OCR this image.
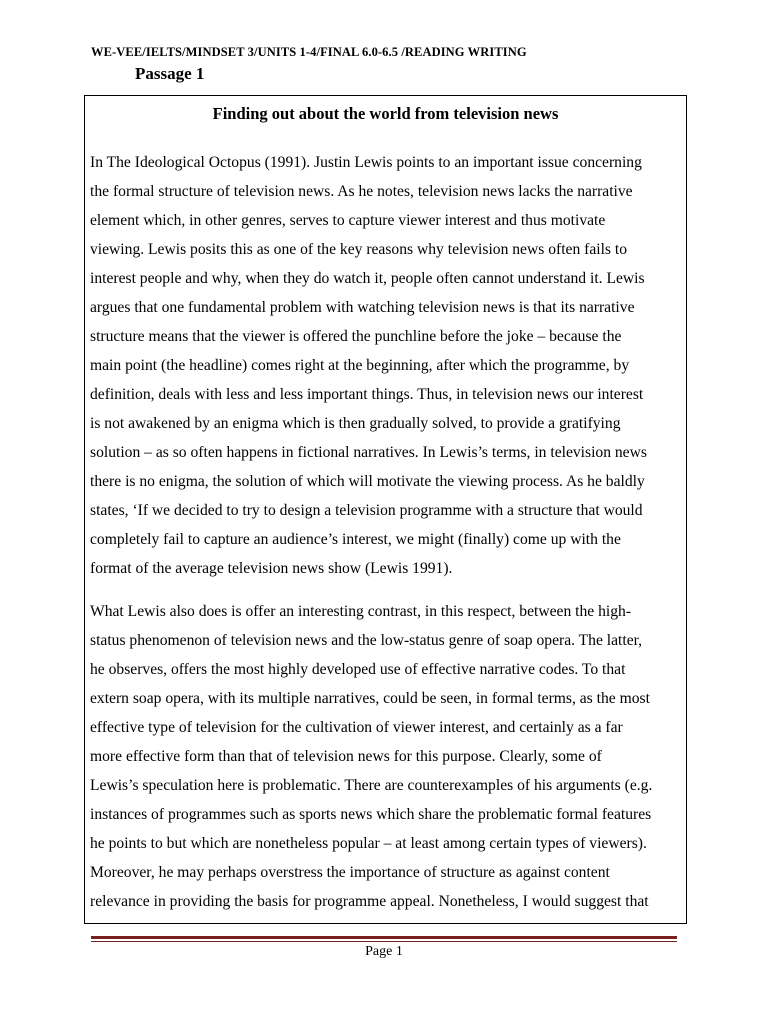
WE-VEE/IELTS/MINDSET 3/UNITS 1-4/FINAL 6.0-6.5 /READING WRITING
Passage 1
Finding out about the world from television news

In The Ideological Octopus (1991). Justin Lewis points to an important issue concerning
the formal structure of television news. As he notes, television news lacks the narrative
element which, in other genres, serves to capture viewer interest and thus motivate
viewing. Lewis posits this as one of the key reasons why television news often fails to
interest people and why, when they do watch it, people often cannot understand it. Lewis
argues that one fundamental problem with watching television news is that its narrative
structure means that the viewer is offered the punchline before the joke – because the
main point (the headline) comes right at the beginning, after which the programme, by
definition, deals with less and less important things. Thus, in television news our interest
is not awakened by an enigma which is then gradually solved, to provide a gratifying
solution – as so often happens in fictional narratives. In Lewis’s terms, in television news
there is no enigma, the solution of which will motivate the viewing process. As he baldly
states, ‘If we decided to try to design a television programme with a structure that would
completely fail to capture an audience’s interest, we might (finally) come up with the
format of the average television news show (Lewis 1991).

What Lewis also does is offer an interesting contrast, in this respect, between the high-
status phenomenon of television news and the low-status genre of soap opera. The latter,
he observes, offers the most highly developed use of effective narrative codes. To that
extern soap opera, with its multiple narratives, could be seen, in formal terms, as the most
effective type of television for the cultivation of viewer interest, and certainly as a far
more effective form than that of television news for this purpose. Clearly, some of
Lewis’s speculation here is problematic. There are counterexamples of his arguments (e.g.
instances of programmes such as sports news which share the problematic formal features
he points to but which are nonetheless popular – at least among certain types of viewers).
Moreover, he may perhaps overstress the importance of structure as against content
relevance in providing the basis for programme appeal. Nonetheless, I would suggest that

Page 1
